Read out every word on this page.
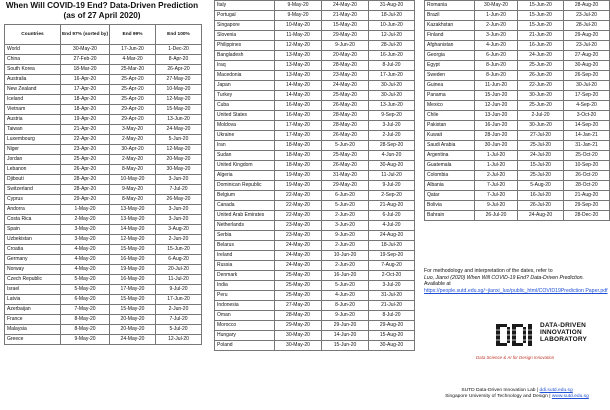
When Will COVID-19 End? Data-Driven Prediction
(as of 27 April 2020)
Countries	End 97% (sorted by)	End 99%	End 100%
World	30-May-20	17-Jun-20	1-Dec-20
China	27-Feb-20	4-Mar-20	8-Apr-20
South Korea	18-Mar-20	25-Mar-20	26-Apr-20
Australia	16-Apr-20	25-Apr-20	27-May-20
New Zealand	17-Apr-20	25-Apr-20	10-May-20
Iceland	18-Apr-20	25-Apr-20	12-May-20
Vietnam	18-Apr-20	29-Apr-20	15-May-20
Austria	19-Apr-20	29-Apr-20	13-Jun-20
Taiwan	21-Apr-20	3-May-20	24-May-20
Luxembourg	22-Apr-20	2-May-20	5-Jun-20
Niger	23-Apr-20	30-Apr-20	12-May-20
Jordan	25-Apr-20	2-May-20	20-May-20
Lebanon	26-Apr-20	8-May-20	30-May-20
Djibouti	28-Apr-20	10-May-20	3-Jun-20
Switzerland	28-Apr-20	9-May-20	7-Jul-20
Cyprus	29-Apr-20	8-May-20	26-May-20
Andorra	1-May-20	13-May-20	3-Jun-20
Costa Rica	2-May-20	13-May-20	3-Jun-20
Spain	3-May-20	14-May-20	3-Aug-20
Uzbekistan	3-May-20	12-May-20	2-Jun-20
Croatia	4-May-20	15-May-20	15-Jun-20
Germany	4-May-20	16-May-20	6-Aug-20
Norway	4-May-20	19-May-20	20-Jul-20
Czech Republic	5-May-20	16-May-20	11-Jul-20
Israel	5-May-20	17-May-20	9-Jul-20
Latvia	6-May-20	15-May-20	17-Jun-20
Azerbaijan	7-May-20	15-May-20	2-Jun-20
France	8-May-20	20-May-20	7-Jul-20
Malaysia	8-May-20	20-May-20	5-Jul-20
Greece	9-May-20	24-May-20	12-Jul-20
Italy	9-May-20	24-May-20	31-Aug-20
Portugal	9-May-20	21-May-20	18-Jul-20
Singapore	10-May-20	15-May-20	10-Jun-20
Slovenia	11-May-20	29-May-20	12-Jul-20
Philippines	12-May-20	9-Jun-20	28-Jul-20
Bangladesh	13-May-20	20-May-20	16-Jun-20
Iraq	13-May-20	28-May-20	8-Jul-20
Macedonia	13-May-20	23-May-20	17-Jun-20
Japan	14-May-20	24-May-20	30-Jul-20
Turkey	14-May-20	25-May-20	30-Jul-20
Cuba	16-May-20	26-May-20	13-Jun-20
United States	16-May-20	28-May-20	9-Sep-20
Moldova	17-May-20	28-May-20	3-Jul-20
Ukraine	17-May-20	26-May-20	2-Jul-20
Iran	18-May-20	5-Jun-20	28-Sep-20
Sudan	18-May-20	25-May-20	4-Jun-20
United Kingdom	18-May-20	26-May-20	30-Aug-20
Algeria	19-May-20	31-May-20	11-Jul-20
Dominican Republic	19-May-20	29-May-20	9-Jul-20
Belgium	22-May-20	6-Jun-20	2-Sep-20
Canada	22-May-20	5-Jun-20	21-Aug-20
United Arab Emirates	22-May-20	2-Jun-20	6-Jul-20
Netherlands	23-May-20	3-Jun-20	4-Jul-20
Serbia	23-May-20	9-Jun-20	24-Aug-20
Belarus	24-May-20	2-Jun-20	18-Jul-20
Ireland	24-May-20	10-Jun-20	19-Sep-20
Russia	24-May-20	2-Jun-20	7-Aug-20
Denmark	25-May-20	16-Jun-20	2-Oct-20
India	25-May-20	5-Jun-20	3-Jul-20
Peru	25-May-20	4-Jun-20	31-Jul-20
Indonesia	27-May-20	8-Jun-20	21-Jul-20
Oman	28-May-20	9-Jun-20	8-Jul-20
Morocco	29-May-20	29-Jun-20	29-Aug-20
Hungary	30-May-20	14-Jun-20	15-Aug-20
Poland	30-May-20	15-Jun-20	30-Aug-20
Romania	30-May-20	15-Jun-20	28-Aug-20
Brazil	1-Jun-20	15-Jun-20	23-Jul-20
Kazakhstan	2-Jun-20	15-Jun-20	28-Jul-20
Finland	3-Jun-20	21-Jun-20	29-Aug-20
Afghanistan	4-Jun-20	16-Jun-20	23-Jul-20
Georgia	6-Jun-20	24-Jun-20	27-Aug-20
Egypt	8-Jun-20	25-Jun-20	30-Aug-20
Sweden	8-Jun-20	26-Jun-20	26-Sep-20
Guinea	11-Jun-20	22-Jun-20	30-Jul-20
Panama	15-Jun-20	30-Jun-20	17-Sep-20
Mexico	12-Jun-20	25-Jun-20	4-Sep-20
Chile	13-Jun-20	2-Jul-20	3-Oct-20
Pakistan	16-Jun-20	30-Jun-20	14-Sep-20
Kuwait	28-Jun-20	27-Jul-20	14-Jan-21
Saudi Arabia	30-Jun-20	25-Jul-20	31-Jan-21
Argentina	1-Jul-20	24-Jul-20	25-Oct-20
Guatemala	1-Jul-20	15-Jul-20	10-Sep-20
Colombia	2-Jul-20	25-Jul-20	26-Oct-20
Albania	7-Jul-20	5-Aug-20	28-Oct-20
Qatar	7-Jul-20	16-Jul-20	21-Aug-20
Bolivia	9-Jul-20	26-Jul-20	29-Sep-20
Bahrain	26-Jul-20	24-Aug-20	28-Dec-20
For methodology and interpretation of the dates, refer to
Luo, Jianxi (2020) When Will COVID-19 End? Data-Driven Prediction.
Available at
https://people.sutd.edu.sg/~jianxi_luo/public_html/COVID19Prediction Paper.pdf
DATA-DRIVEN
INNOVATION
LABORATORY
Data Science & AI for Design Innovation
SUTD Data-Driven Innovation Lab | ddi.sutd.edu.sg
Singapore University of Technology and Design | www.sutd.edu.sg
